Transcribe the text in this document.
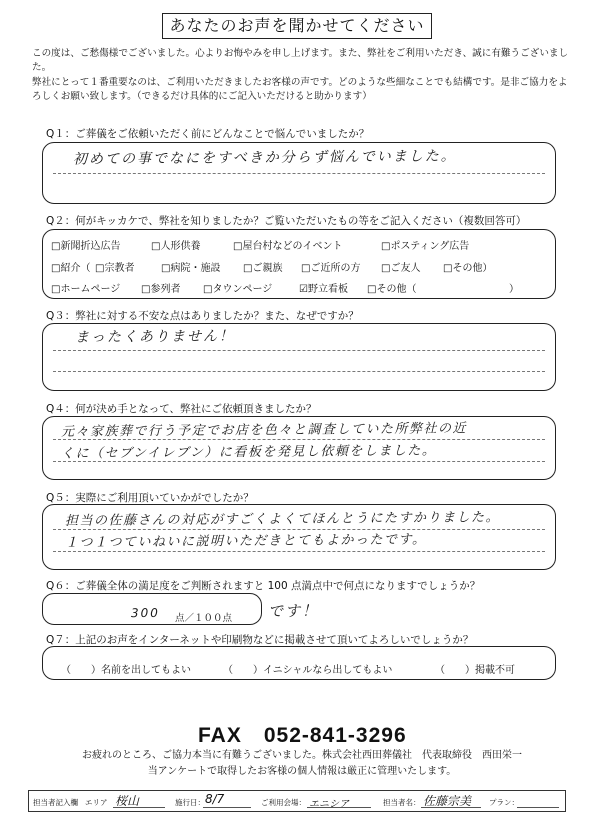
あなたのお声を聞かせてください
この度は、ご愁傷様でございました。心よりお悔やみを申し上げます。また、弊社をご利用いただき、誠に有難うございました。
弊社にとって１番重要なのは、ご利用いただきましたお客様の声です。どのような些細なことでも結構です。是非ご協力をよろしくお願い致します。（できるだけ具体的にご記入いただけると助かります）
Q１：ご葬儀をご依頼いただく前にどんなことで悩んでいましたか？
初めての事でなにをすべきか分らず悩んでいました。
Q２：何がキッカケで、弊社を知りましたか？ご覧いただいたもの等をご記入ください（複数回答可）
□新聞折込広告	□人形供養	□屋台村などのイベント	□ポスティング広告
□紹介（ □宗教者	□病院・施設 □ご親族 □ご近所の方 □ご友人 □その他）
□ホームページ □参列者 □タウンページ	☑野立看板 □その他（	）
Q３：弊社に対する不安な点はありましたか？また、なぜですか？
まったくありません！
Q４：何が決め手となって、弊社にご依頼頂きましたか？
元々家族葬で行う予定でお店を色々と調査していた所弊社の近
くに（セブンイレブン）に看板を発見し依頼をしました。
Q５：実際にご利用頂いていかがでしたか？
担当の佐藤さんの対応がすごくよくてほんとうにたすかりました。
１つ１つていねいに説明いただきとてもよかったです。
Q６：ご葬儀全体の満足度をご判断されますと 100 点満点中で何点になりますでしょうか？
300 点／１００点 です！
Q７：上記のお声をインターネットや印刷物などに掲載させて頂いてよろしいでしょうか？
（　　）名前を出してもよい	（　　）イニシャルなら出してもよい	（　　）掲載不可
FAX　052-841-3296
お疲れのところ、ご協力本当に有難うございました。株式会社西田葬儀社　代表取締役　西田栄一
当アンケートで取得したお客様の個人情報は厳正に管理いたします。
担当者記入欄 エリア 桜山	施行日： 8/7	ご利用会場： エニシア	担当者名： 佐藤宗美 プラン：
